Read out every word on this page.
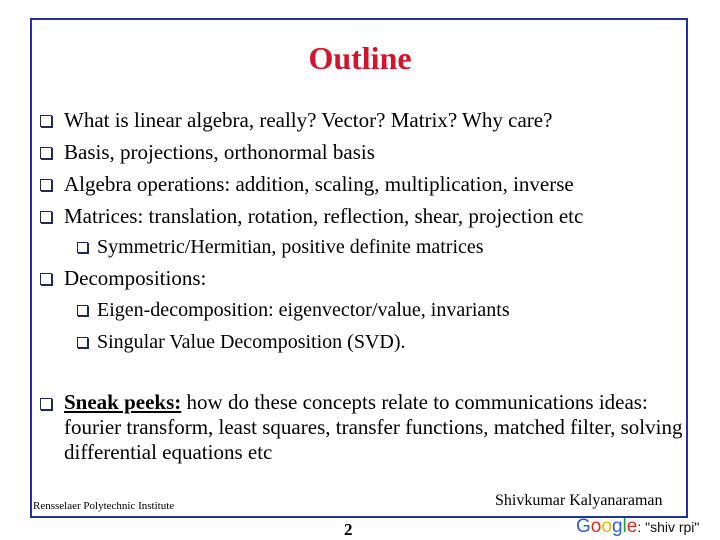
Outline
What is linear algebra, really? Vector? Matrix? Why care?
Basis, projections, orthonormal basis
Algebra operations: addition, scaling, multiplication, inverse
Matrices: translation, rotation, reflection, shear, projection etc
Symmetric/Hermitian, positive definite matrices
Decompositions:
Eigen-decomposition: eigenvector/value, invariants
Singular Value Decomposition (SVD).
Sneak peeks: how do these concepts relate to communications ideas: fourier transform, least squares, transfer functions, matched filter, solving differential equations etc
Rensselaer Polytechnic Institute	Shivkumar Kalyanaraman
2	Google: "shiv rpi"
